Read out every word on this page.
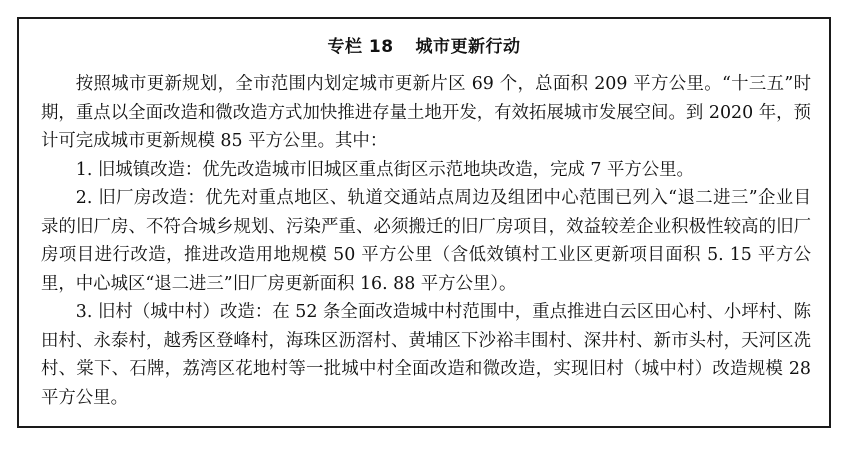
专栏 18 城市更新行动

按照城市更新规划，全市范围内划定城市更新片区 69 个，总面积 209 平方公里。“十三五”时期，重点以全面改造和微改造方式加快推进存量土地开发，有效拓展城市发展空间。到 2020 年，预计可完成城市更新规模 85 平方公里。其中：

1. 旧城镇改造：优先改造城市旧城区重点街区示范地块改造，完成 7 平方公里。

2. 旧厂房改造：优先对重点地区、轨道交通站点周边及组团中心范围已列入“退二进三”企业目录的旧厂房、不符合城乡规划、污染严重、必须搬迁的旧厂房项目，效益较差企业积极性较高的旧厂房项目进行改造，推进改造用地规模 50 平方公里（含低效镇村工业区更新项目面积 5. 15 平方公里，中心城区“退二进三”旧厂房更新面积 16. 88 平方公里）。

3. 旧村（城中村）改造：在 52 条全面改造城中村范围中，重点推进白云区田心村、小坪村、陈田村、永泰村，越秀区登峰村，海珠区沥滘村、黄埔区下沙裕丰围村、深井村、新市头村，天河区冼村、棠下、石牌，荔湾区花地村等一批城中村全面改造和微改造，实现旧村（城中村）改造规模 28 平方公里。
